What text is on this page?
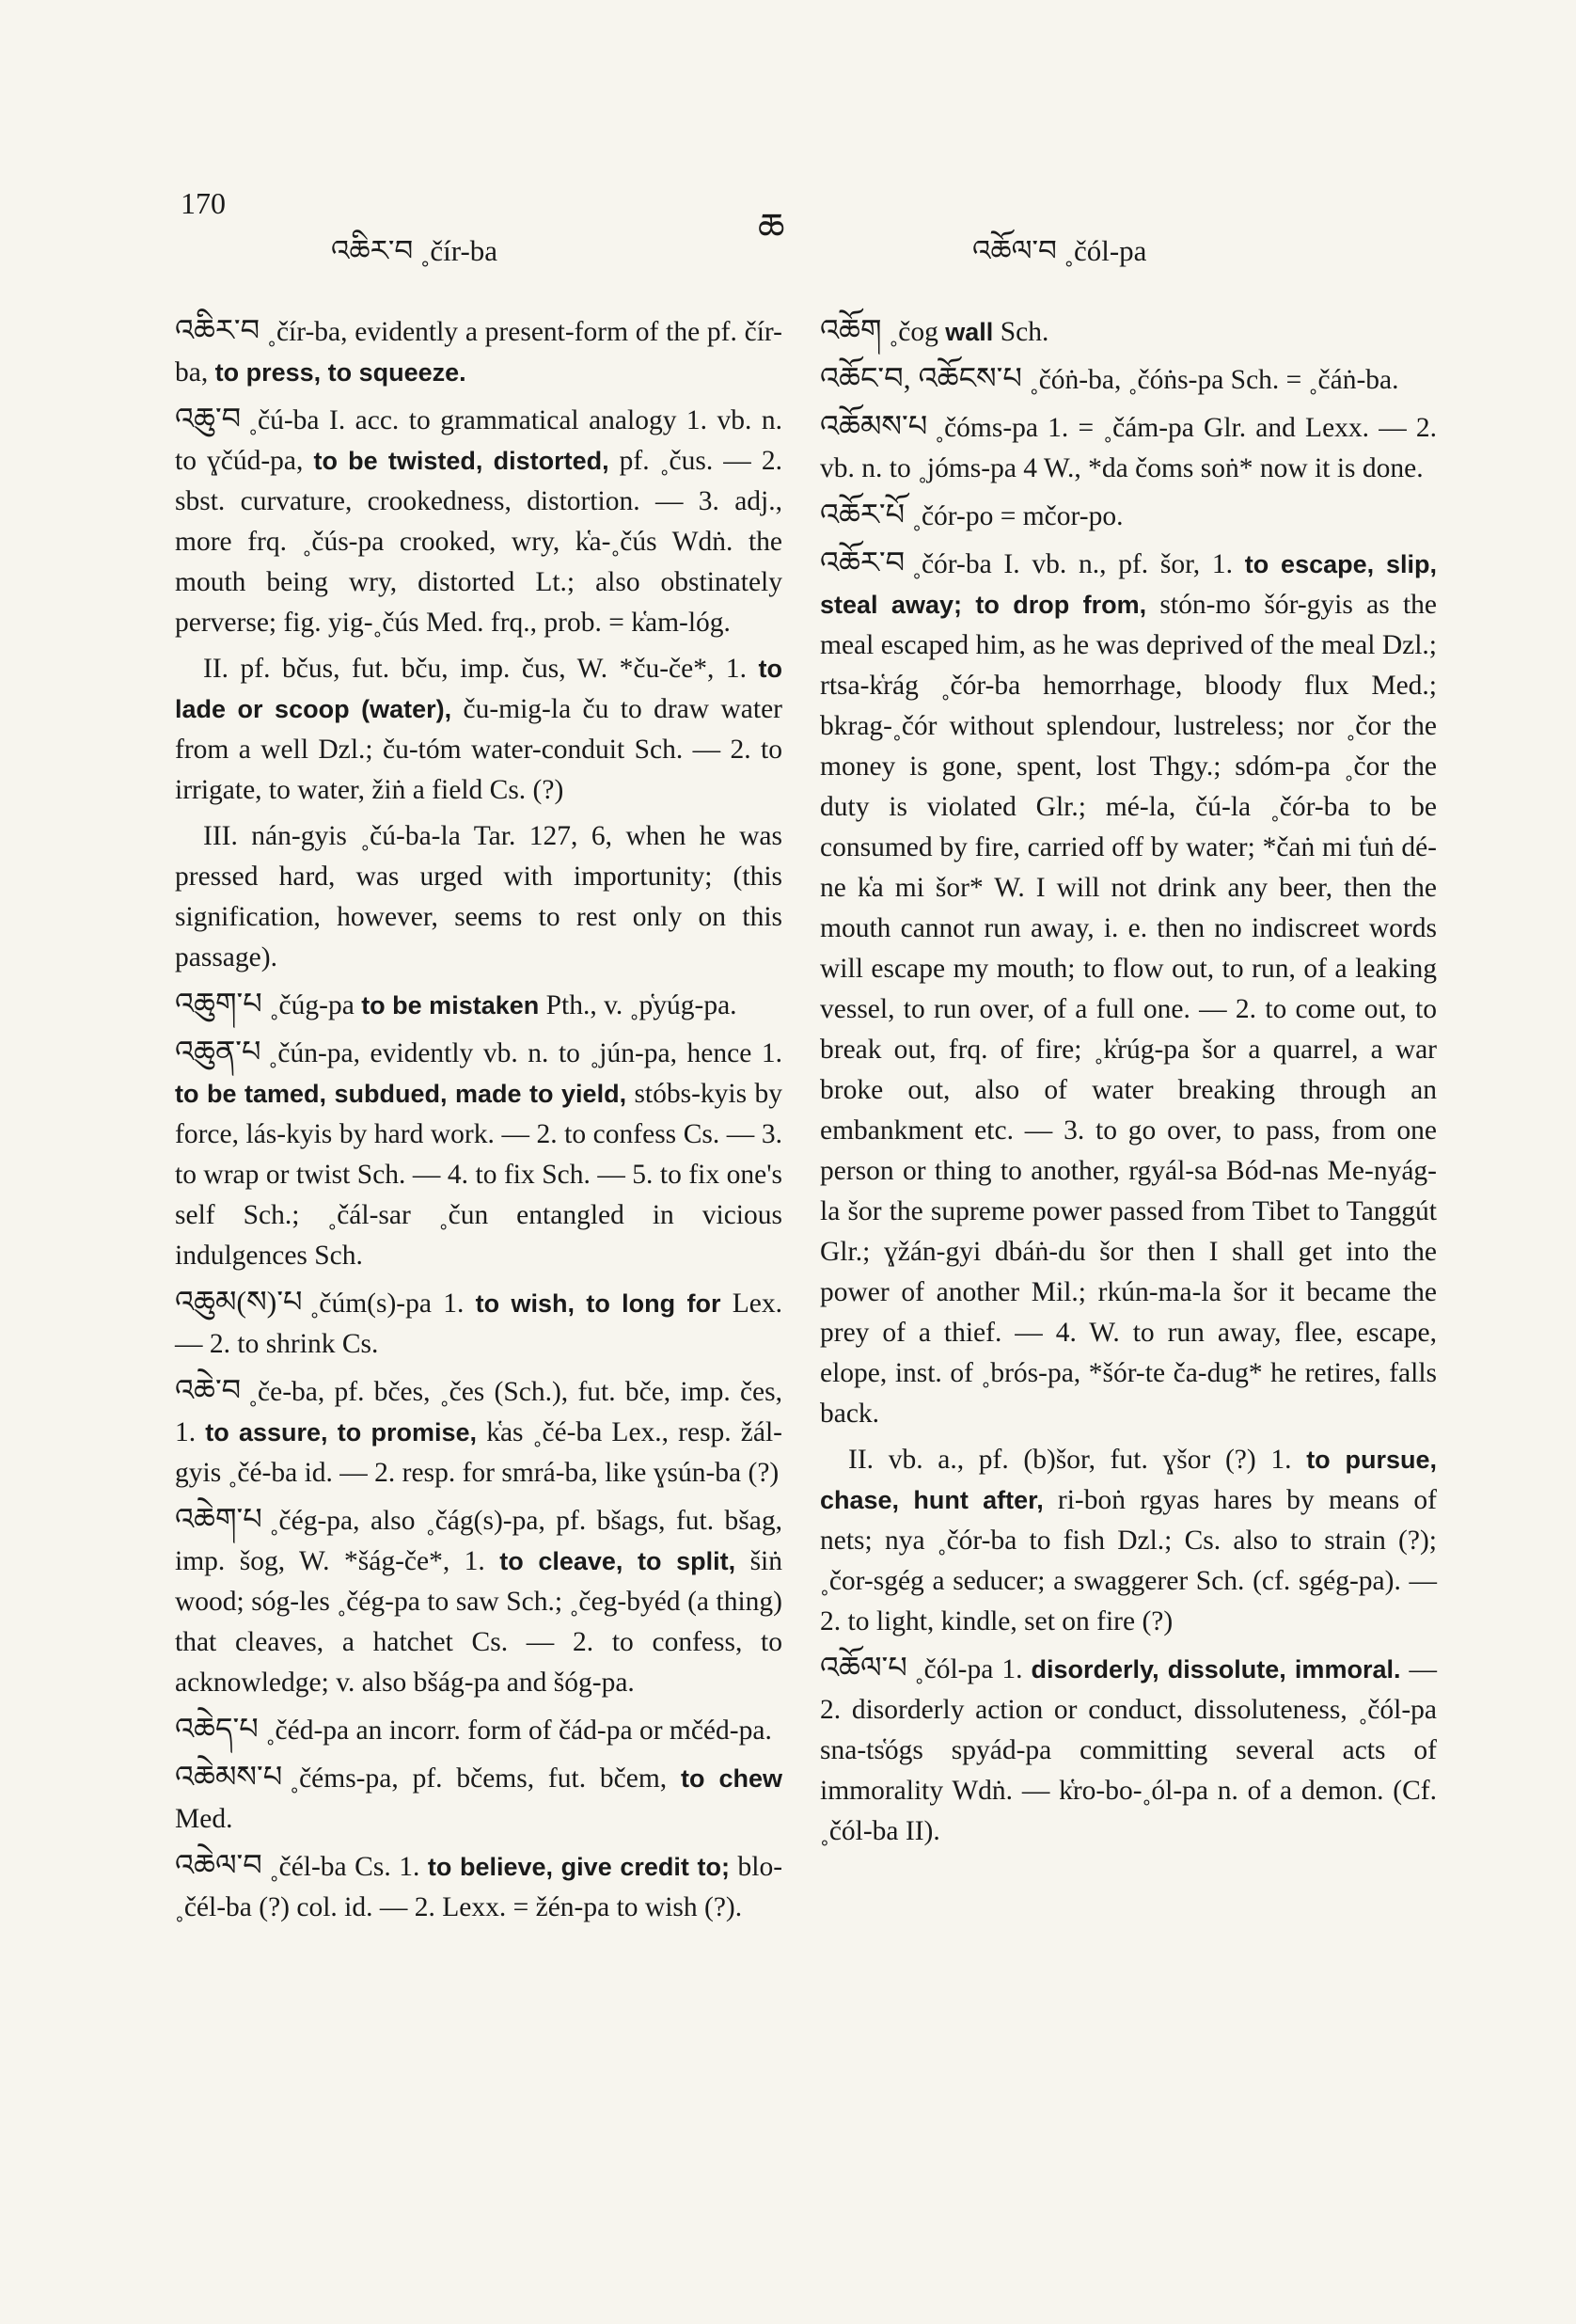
170
ཆ
འཆིར་བ ˳čír-ba	འཆོལ་བ ˳čól-pa

འཆིར་བ ˳čír-ba, evidently a present-form of the pf. čír-ba, to press, to squeeze.

འཆུ་བ ˳čú-ba I. acc. to grammatical analogy 1. vb. n. to ɣčúd-pa, to be twisted, distorted, pf. ˳čus. — 2. sbst. curvature, crookedness, distortion. — 3. adj., more frq. ˳čús-pa crooked, wry, k̔a-˳čús Wdṅ. the mouth being wry, distorted Lt.; also obstinately perverse; fig. yig-˳čús Med. frq., prob. = k̔am-lóg.

II. pf. bčus, fut. bču, imp. čus, W. *ču-če*, 1. to lade or scoop (water), ču-mig-la ču to draw water from a well Dzl.; ču-tóm water-conduit Sch. — 2. to irrigate, to water, žiṅ a field Cs. (?)

III. nán-gyis ˳čú-ba-la Tar. 127, 6, when he was pressed hard, was urged with importunity; (this signification, however, seems to rest only on this passage).

འཆུག་པ ˳čúg-pa to be mistaken Pth., v. ˳p̔yúg-pa.

འཆུན་པ ˳čún-pa, evidently vb. n. to ˳jún-pa, hence 1. to be tamed, subdued, made to yield, stóbs-kyis by force, lás-kyis by hard work. — 2. to confess Cs. — 3. to wrap or twist Sch. — 4. to fix Sch. — 5. to fix one's self Sch.; ˳čál-sar ˳čun entangled in vicious indulgences Sch.

འཆུམ(ས)་པ ˳čúm(s)-pa 1. to wish, to long for Lex. — 2. to shrink Cs.

འཆེ་བ ˳če-ba, pf. bčes, ˳čes (Sch.), fut. bče, imp. čes, 1. to assure, to promise, k̔as ˳čé-ba Lex., resp. žál-gyis ˳čé-ba id. — 2. resp. for smrá-ba, like ɣsún-ba (?)

འཆེག་པ ˳čég-pa, also ˳čág(s)-pa, pf. bšags, fut. bšag, imp. šog, W. *šág-če*, 1. to cleave, to split, šiṅ wood; sóg-les ˳čég-pa to saw Sch.; ˳čeg-byéd (a thing) that cleaves, a hatchet Cs. — 2. to confess, to acknowledge; v. also bšág-pa and šóg-pa.

འཆེད་པ ˳čéd-pa an incorr. form of čád-pa or mčéd-pa.

འཆེམས་པ ˳čéms-pa, pf. bčems, fut. bčem, to chew Med.

འཆེལ་བ ˳čél-ba Cs. 1. to believe, give credit to; blo-˳čél-ba (?) col. id. — 2. Lexx. = žén-pa to wish (?).

འཆོག ˳čog wall Sch.

འཆོང་བ, འཆོངས་པ ˳čóṅ-ba, ˳čóṅs-pa Sch. = ˳čáṅ-ba.

འཆོམས་པ ˳čóms-pa 1. = ˳čám-pa Glr. and Lexx. — 2. vb. n. to ˳jóms-pa 4 W., *da čoms soṅ* now it is done.

འཆོར་པོ ˳čór-po = mčor-po.

འཆོར་བ ˳čór-ba I. vb. n., pf. šor, 1. to escape, slip, steal away; to drop from, stón-mo šór-gyis as the meal escaped him, as he was deprived of the meal Dzl.; rtsa-k̔rág ˳čór-ba hemorrhage, bloody flux Med.; bkrag-˳čór without splendour, lustreless; nor ˳čor the money is gone, spent, lost Thgy.; sdóm-pa ˳čor the duty is violated Glr.; mé-la, čú-la ˳čór-ba to be consumed by fire, carried off by water; *čaṅ mi t̔uṅ dé-ne k̔a mi šor* W. I will not drink any beer, then the mouth cannot run away, i. e. then no indiscreet words will escape my mouth; to flow out, to run, of a leaking vessel, to run over, of a full one. — 2. to come out, to break out, frq. of fire; ˳k̔rúg-pa šor a quarrel, a war broke out, also of water breaking through an embankment etc. — 3. to go over, to pass, from one person or thing to another, rgyál-sa Bód-nas Me-nyág-la šor the supreme power passed from Tibet to Tanggút Glr.; ɣžán-gyi dbáṅ-du šor then I shall get into the power of another Mil.; rkún-ma-la šor it became the prey of a thief. — 4. W. to run away, flee, escape, elope, inst. of ˳brós-pa, *šór-te ča-dug* he retires, falls back.

II. vb. a., pf. (b)šor, fut. ɣšor (?) 1. to pursue, chase, hunt after, ri-boṅ rgyas hares by means of nets; nya ˳čór-ba to fish Dzl.; Cs. also to strain (?); ˳čor-sgég a seducer; a swaggerer Sch. (cf. sgég-pa). — 2. to light, kindle, set on fire (?)

འཆོལ་པ ˳čól-pa 1. disorderly, dissolute, immoral. — 2. disorderly action or conduct, dissoluteness, ˳čól-pa sna-ts̔ógs spyád-pa committing several acts of immorality Wdṅ. — k̔ro-bo-˳ól-pa n. of a demon. (Cf. ˳čól-ba II).
